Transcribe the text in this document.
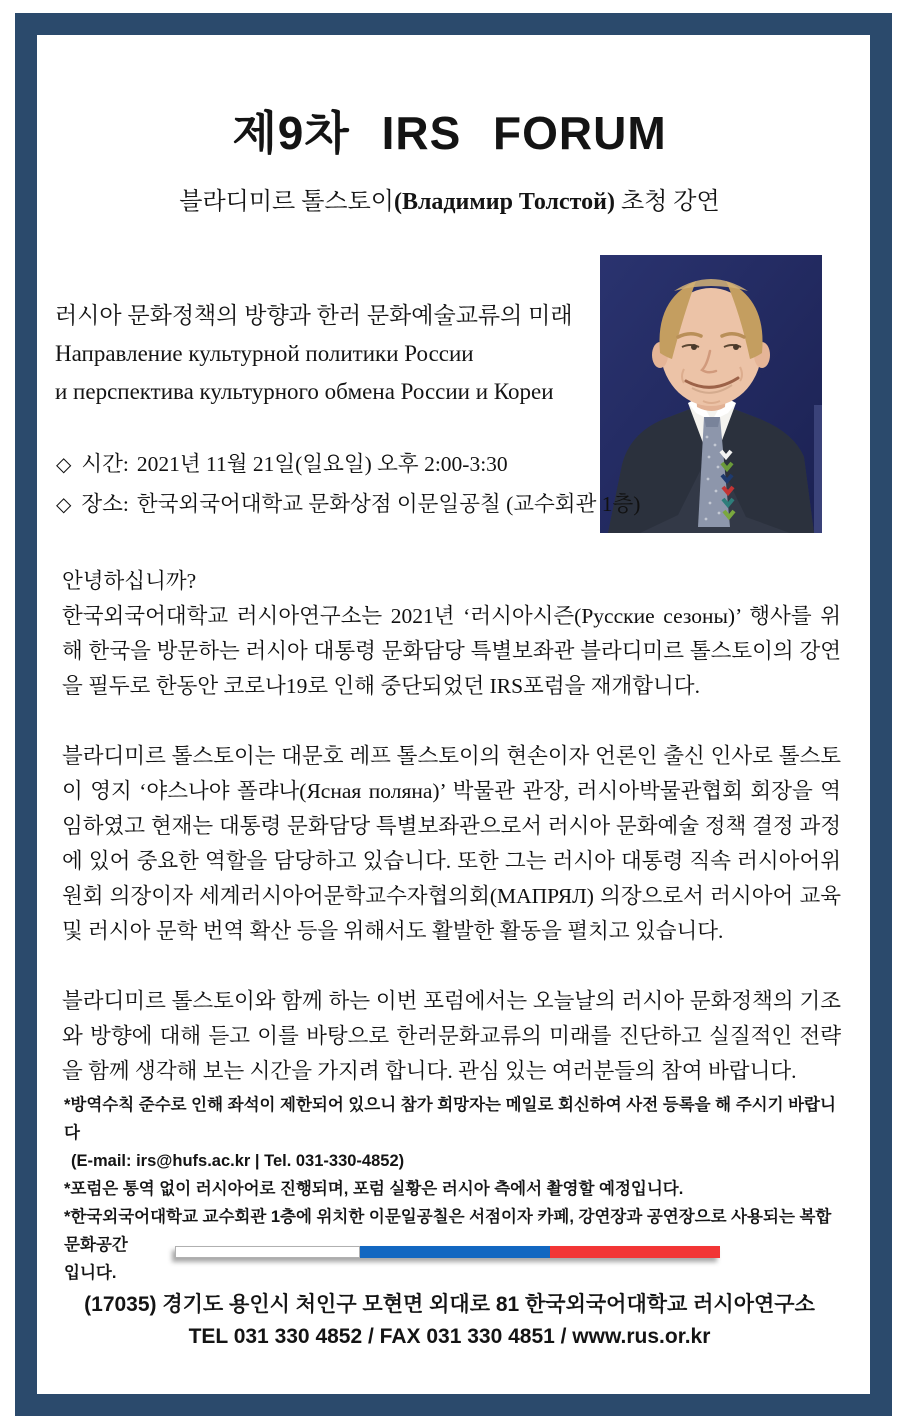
제9차 IRS FORUM
블라디미르 톨스토이(Владимир Толстой) 초청 강연
러시아 문화정책의 방향과 한러 문화예술교류의 미래
Направление культурной политики России
и перспектива культурного обмена России и Кореи
◇ 시간: 2021년 11월 21일(일요일) 오후 2:00-3:30
◇ 장소: 한국외국어대학교 문화상점 이문일공칠 (교수회관 1층)
안녕하십니까?
한국외국어대학교 러시아연구소는 2021년 ‘러시아시즌(Русские сезоны)’ 행사를 위해 한국을 방문하는 러시아 대통령 문화담당 특별보좌관 블라디미르 톨스토이의 강연을 필두로 한동안 코로나19로 인해 중단되었던 IRS포럼을 재개합니다.
블라디미르 톨스토이는 대문호 레프 톨스토이의 현손이자 언론인 출신 인사로 톨스토이 영지 ‘야스나야 폴랴나(Ясная поляна)’ 박물관 관장, 러시아박물관협회 회장을 역임하였고 현재는 대통령 문화담당 특별보좌관으로서 러시아 문화예술 정책 결정 과정에 있어 중요한 역할을 담당하고 있습니다. 또한 그는 러시아 대통령 직속 러시아어위원회 의장이자 세계러시아어문학교수자협의회(МАПРЯЛ) 의장으로서 러시아어 교육 및 러시아 문학 번역 확산 등을 위해서도 활발한 활동을 펼치고 있습니다.
블라디미르 톨스토이와 함께 하는 이번 포럼에서는 오늘날의 러시아 문화정책의 기조와 방향에 대해 듣고 이를 바탕으로 한러문화교류의 미래를 진단하고 실질적인 전략을 함께 생각해 보는 시간을 가지려 합니다. 관심 있는 여러분들의 참여 바랍니다.
*방역수칙 준수로 인해 좌석이 제한되어 있으니 참가 희망자는 메일로 회신하여 사전 등록을 해 주시기 바랍니다
(E-mail: irs@hufs.ac.kr | Tel. 031-330-4852)
*포럼은 통역 없이 러시아어로 진행되며, 포럼 실황은 러시아 측에서 촬영할 예정입니다.
*한국외국어대학교 교수회관 1층에 위치한 이문일공칠은 서점이자 카페, 강연장과 공연장으로 사용되는 복합문화공간
입니다.
(17035) 경기도 용인시 처인구 모현면 외대로 81 한국외국어대학교 러시아연구소
TEL 031 330 4852 / FAX 031 330 4851 / www.rus.or.kr
